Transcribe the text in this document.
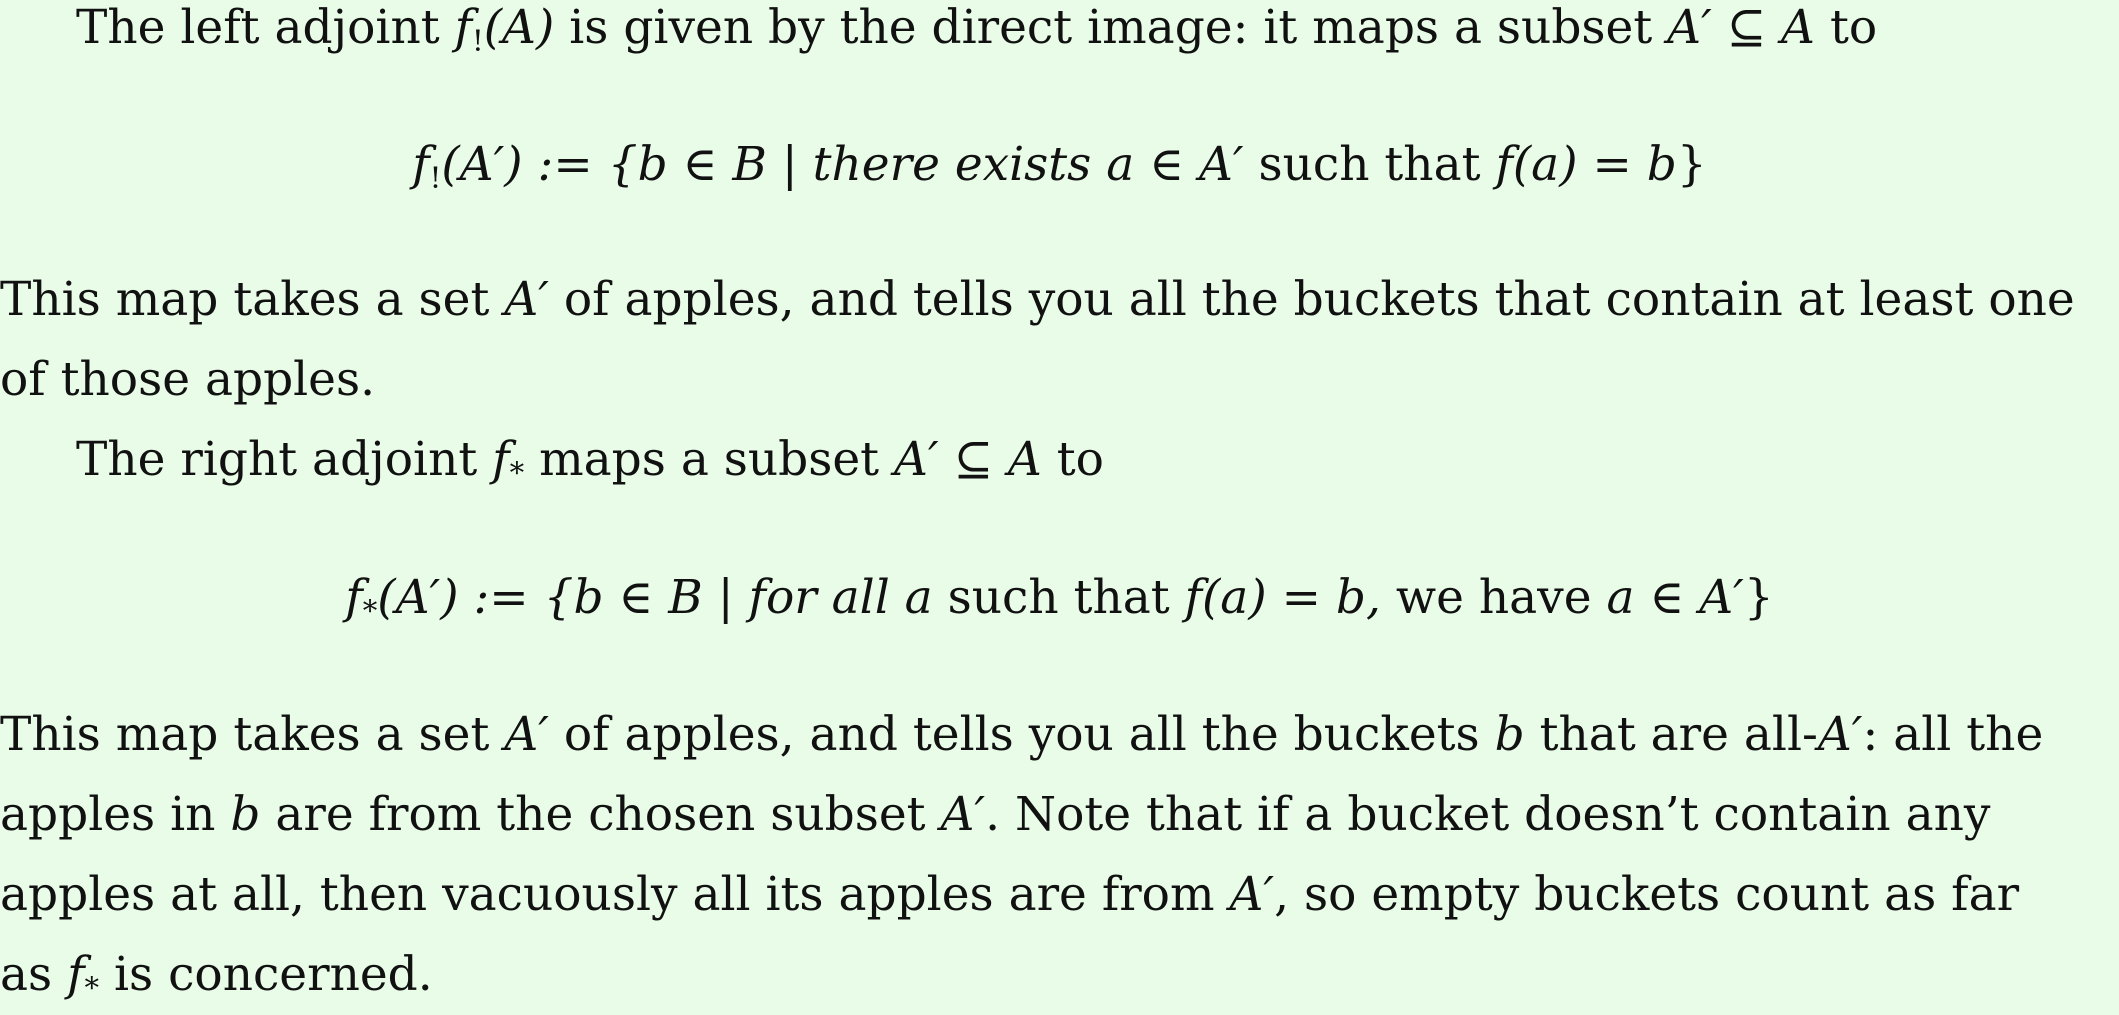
The left adjoint $f_!(A)$ is given by the direct image: it maps a subset A′ ⊆ A to
$f_!(A')$ := {b ∈ B | there exists a ∈ A′ such that f(a) = b}
This map takes a set A′ of apples, and tells you all the buckets that contain at least one
of those apples.
The right adjoint $f_*$ maps a subset A′ ⊆ A to
$f_*(A')$ := {b ∈ B | for all a such that f(a) = b, we have a ∈ A′}
This map takes a set A′ of apples, and tells you all the buckets b that are all-A′: all the
apples in b are from the chosen subset A′. Note that if a bucket doesn’t contain any
apples at all, then vacuously all its apples are from A′, so empty buckets count as far
as $f_*$ is concerned.
